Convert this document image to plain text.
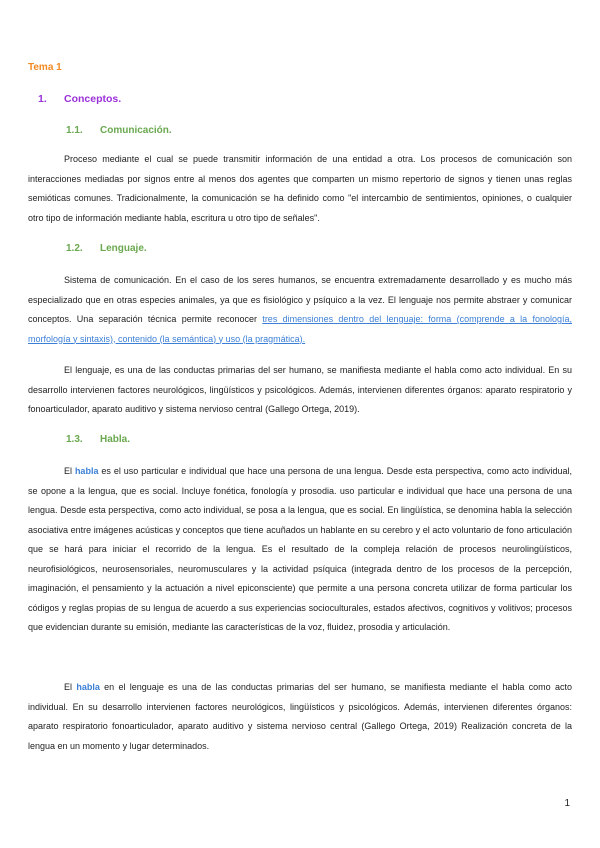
Tema 1
1. Conceptos.
1.1. Comunicación.
Proceso mediante el cual se puede transmitir información de una entidad a otra. Los procesos de comunicación son interacciones mediadas por signos entre al menos dos agentes que comparten un mismo repertorio de signos y tienen unas reglas semióticas comunes. Tradicionalmente, la comunicación se ha definido como "el intercambio de sentimientos, opiniones, o cualquier otro tipo de información mediante habla, escritura u otro tipo de señales".
1.2. Lenguaje.
Sistema de comunicación. En el caso de los seres humanos, se encuentra extremadamente desarrollado y es mucho más especializado que en otras especies animales, ya que es fisiológico y psíquico a la vez. El lenguaje nos permite abstraer y comunicar conceptos. Una separación técnica permite reconocer tres dimensiones dentro del lenguaje: forma (comprende a la fonología, morfología y sintaxis), contenido (la semántica) y uso (la pragmática).
El lenguaje, es una de las conductas primarias del ser humano, se manifiesta mediante el habla como acto individual. En su desarrollo intervienen factores neurológicos, lingüísticos y psicológicos. Además, intervienen diferentes órganos: aparato respiratorio y fonoarticulador, aparato auditivo y sistema nervioso central (Gallego Ortega, 2019).
1.3. Habla.
El habla es el uso particular e individual que hace una persona de una lengua. Desde esta perspectiva, como acto individual, se opone a la lengua, que es social. Incluye fonética, fonología y prosodia. uso particular e individual que hace una persona de una lengua. Desde esta perspectiva, como acto individual, se posa a la lengua, que es social. En lingüística, se denomina habla la selección asociativa entre imágenes acústicas y conceptos que tiene acuñados un hablante en su cerebro y el acto voluntario de fono articulación que se hará para iniciar el recorrido de la lengua. Es el resultado de la compleja relación de procesos neurolingüísticos, neurofisiológicos, neurosensoriales, neuromusculares y la actividad psíquica (integrada dentro de los procesos de la percepción, imaginación, el pensamiento y la actuación a nivel epiconsciente) que permite a una persona concreta utilizar de forma particular los códigos y reglas propias de su lengua de acuerdo a sus experiencias socioculturales, estados afectivos, cognitivos y volitivos; procesos que evidencian durante su emisión, mediante las características de la voz, fluidez, prosodia y articulación.
El habla en el lenguaje es una de las conductas primarias del ser humano, se manifiesta mediante el habla como acto individual. En su desarrollo intervienen factores neurológicos, lingüísticos y psicológicos. Además, intervienen diferentes órganos: aparato respiratorio fonoarticulador, aparato auditivo y sistema nervioso central (Gallego Ortega, 2019) Realización concreta de la lengua en un momento y lugar determinados.
1
